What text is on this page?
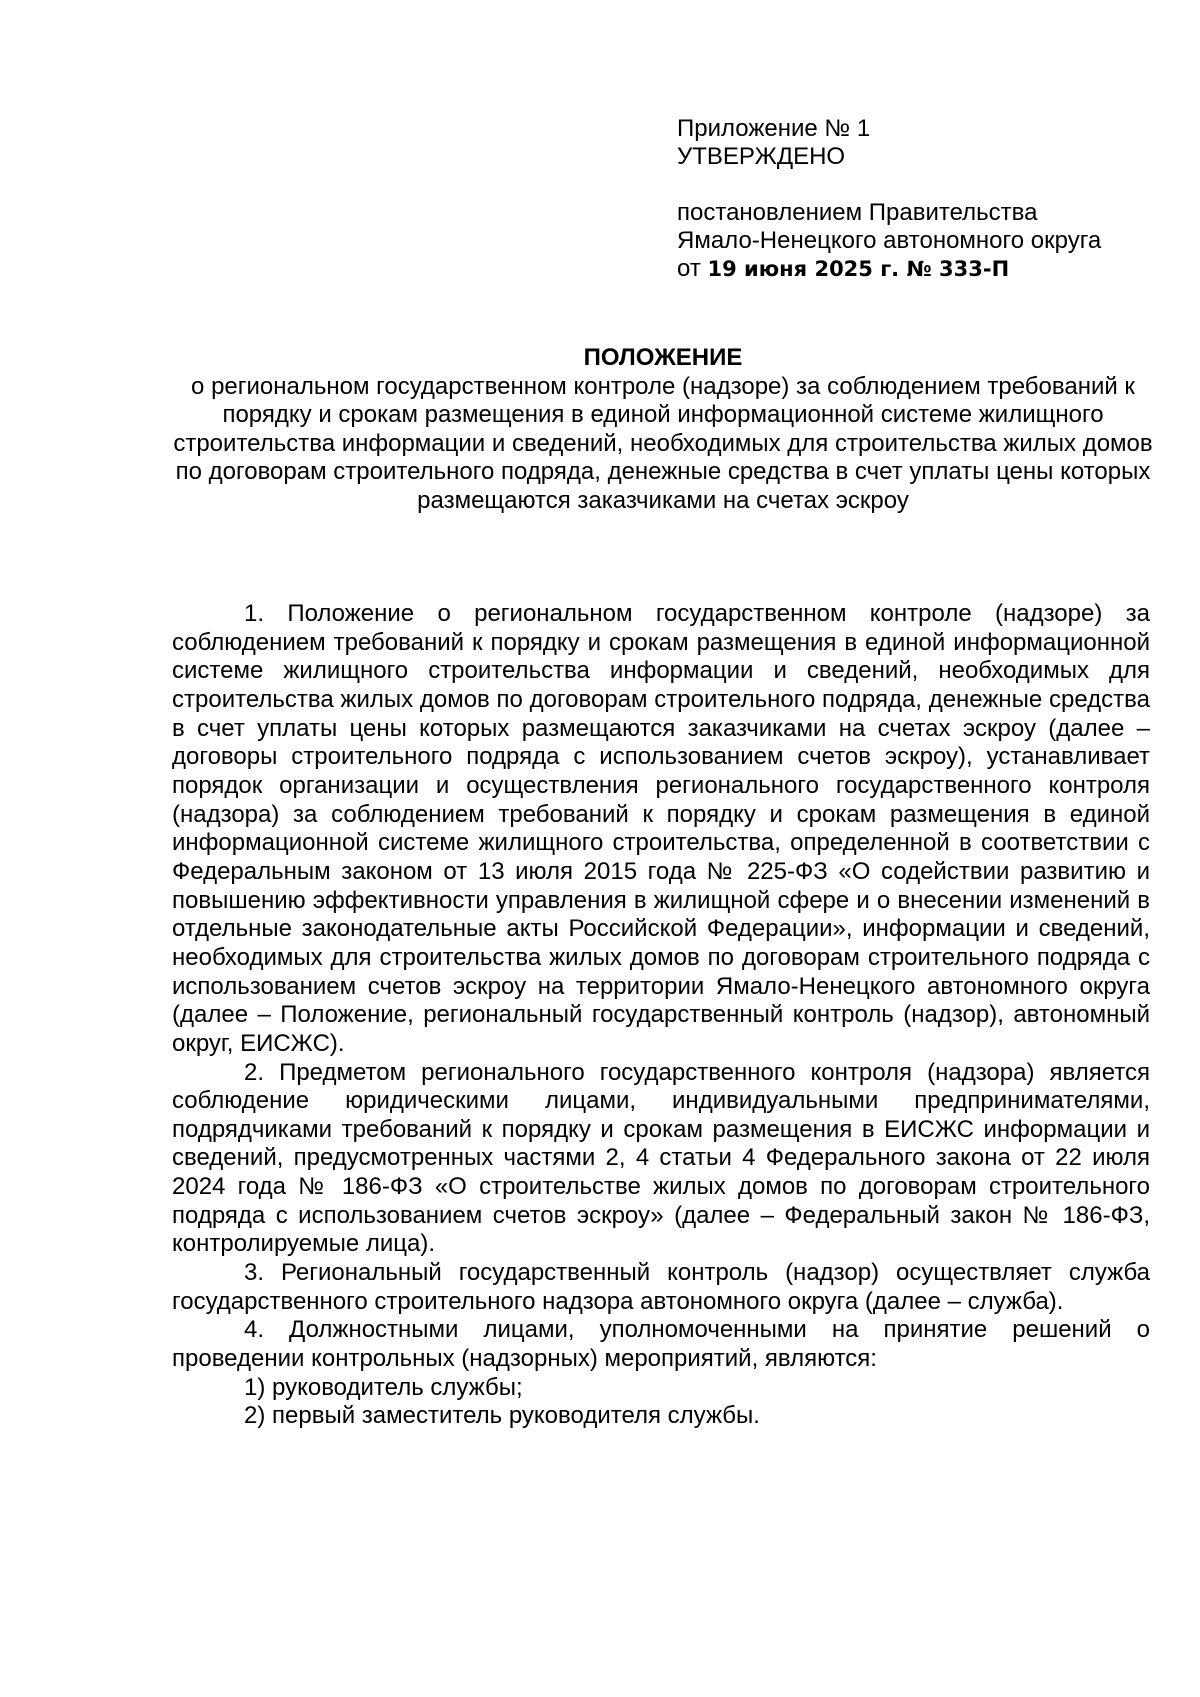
Приложение № 1
УТВЕРЖДЕНО
постановлением Правительства
Ямало-Ненецкого автономного округа
от 19 июня 2025 г. № 333-П
ПОЛОЖЕНИЕ
о региональном государственном контроле (надзоре) за соблюдением требований к порядку и срокам размещения в единой информационной системе жилищного строительства информации и сведений, необходимых для строительства жилых домов по договорам строительного подряда, денежные средства в счет уплаты цены которых размещаются заказчиками на счетах эскроу

1. Положение о региональном государственном контроле (надзоре) за соблюдением требований к порядку и срокам размещения в единой информационной системе жилищного строительства информации и сведений, необходимых для строительства жилых домов по договорам строительного подряда, денежные средства в счет уплаты цены которых размещаются заказчиками на счетах эскроу (далее – договоры строительного подряда с использованием счетов эскроу), устанавливает порядок организации и осуществления регионального государственного контроля (надзора) за соблюдением требований к порядку и срокам размещения в единой информационной системе жилищного строительства, определенной в соответствии с Федеральным законом от 13 июля 2015 года № 225-ФЗ «О содействии развитию и повышению эффективности управления в жилищной сфере и о внесении изменений в отдельные законодательные акты Российской Федерации», информации и сведений, необходимых для строительства жилых домов по договорам строительного подряда с использованием счетов эскроу на территории Ямало-Ненецкого автономного округа (далее – Положение, региональный государственный контроль (надзор), автономный округ, ЕИСЖС).

2. Предметом регионального государственного контроля (надзора) является соблюдение юридическими лицами, индивидуальными предпринимателями, подрядчиками требований к порядку и срокам размещения в ЕИСЖС информации и сведений, предусмотренных частями 2, 4 статьи 4 Федерального закона от 22 июля 2024 года № 186-ФЗ «О строительстве жилых домов по договорам строительного подряда с использованием счетов эскроу» (далее – Федеральный закон № 186-ФЗ, контролируемые лица).

3. Региональный государственный контроль (надзор) осуществляет служба государственного строительного надзора автономного округа (далее – служба).

4. Должностными лицами, уполномоченными на принятие решений о проведении контрольных (надзорных) мероприятий, являются:

1) руководитель службы;

2) первый заместитель руководителя службы.
